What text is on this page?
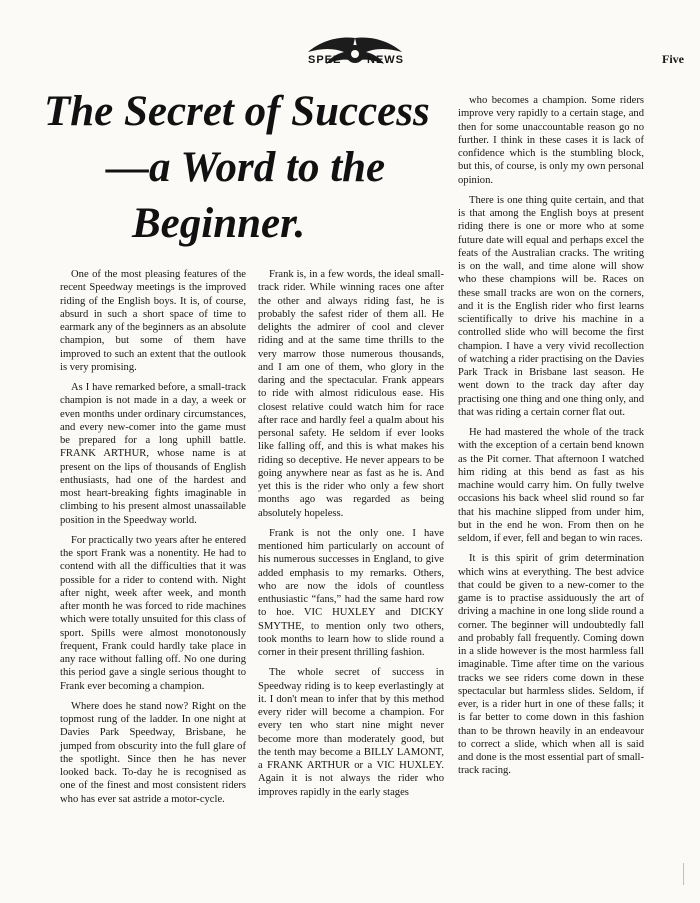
SPEE NEWS	Five
The Secret of Success
—a Word to the
Beginner.

One of the most pleasing features of the recent Speedway meetings is the improved riding of the English boys. It is, of course, absurd in such a short space of time to earmark any of the beginners as an absolute champion, but some of them have improved to such an extent that the outlook is very promising.

As I have remarked before, a small-track champion is not made in a day, a week or even months under ordinary circumstances, and every new-comer into the game must be prepared for a long uphill battle. FRANK ARTHUR, whose name is at present on the lips of thousands of English enthusiasts, had one of the hardest and most heart-breaking fights imaginable in climbing to his present almost unassailable position in the Speedway world.

For practically two years after he entered the sport Frank was a nonentity. He had to contend with all the difficulties that it was possible for a rider to contend with. Night after night, week after week, and month after month he was forced to ride machines which were totally unsuited for this class of sport. Spills were almost monotonously frequent, Frank could hardly take place in any race without falling off. No one during this period gave a single serious thought to Frank ever becoming a champion.

Where does he stand now? Right on the topmost rung of the ladder. In one night at Davies Park Speedway, Brisbane, he jumped from obscurity into the full glare of the spotlight. Since then he has never looked back. To-day he is recognised as one of the finest and most consistent riders who has ever sat astride a motor-cycle.

Frank is, in a few words, the ideal small-track rider. While winning races one after the other and always riding fast, he is probably the safest rider of them all. He delights the admirer of cool and clever riding and at the same time thrills to the very marrow those numerous thousands, and I am one of them, who glory in the daring and the spectacular. Frank appears to ride with almost ridiculous ease. His closest relative could watch him for race after race and hardly feel a qualm about his personal safety. He seldom if ever looks like falling off, and this is what makes his riding so deceptive. He never appears to be going anywhere near as fast as he is. And yet this is the rider who only a few short months ago was regarded as being absolutely hopeless.

Frank is not the only one. I have mentioned him particularly on account of his numerous successes in England, to give added emphasis to my remarks. Others, who are now the idols of countless enthusiastic “fans,” had the same hard row to hoe. VIC HUXLEY and DICKY SMYTHE, to mention only two others, took months to learn how to slide round a corner in their present thrilling fashion.

The whole secret of success in Speedway riding is to keep everlastingly at it. I don't mean to infer that by this method every rider will become a champion. For every ten who start nine might never become more than moderately good, but the tenth may become a BILLY LAMONT, a FRANK ARTHUR or a VIC HUXLEY. Again it is not always the rider who improves rapidly in the early stages

who becomes a champion. Some riders improve very rapidly to a certain stage, and then for some unaccountable reason go no further. I think in these cases it is lack of confidence which is the stumbling block, but this, of course, is only my own personal opinion.

There is one thing quite certain, and that is that among the English boys at present riding there is one or more who at some future date will equal and perhaps excel the feats of the Australian cracks. The writing is on the wall, and time alone will show who these champions will be. Races on these small tracks are won on the corners, and it is the English rider who first learns scientifically to drive his machine in a controlled slide who will become the first champion. I have a very vivid recollection of watching a rider practising on the Davies Park Track in Brisbane last season. He went down to the track day after day practising one thing and one thing only, and that was riding a certain corner flat out.

He had mastered the whole of the track with the exception of a certain bend known as the Pit corner. That afternoon I watched him riding at this bend as fast as his machine would carry him. On fully twelve occasions his back wheel slid round so far that his machine slipped from under him, but in the end he won. From then on he seldom, if ever, fell and began to win races.

It is this spirit of grim determination which wins at everything. The best advice that could be given to a new-comer to the game is to practise assiduously the art of driving a machine in one long slide round a corner. The beginner will undoubtedly fall and probably fall frequently. Coming down in a slide however is the most harmless fall imaginable. Time after time on the various tracks we see riders come down in these spectacular but harmless slides. Seldom, if ever, is a rider hurt in one of these falls; it is far better to come down in this fashion than to be thrown heavily in an endeavour to correct a slide, which when all is said and done is the most essential part of small-track racing.
